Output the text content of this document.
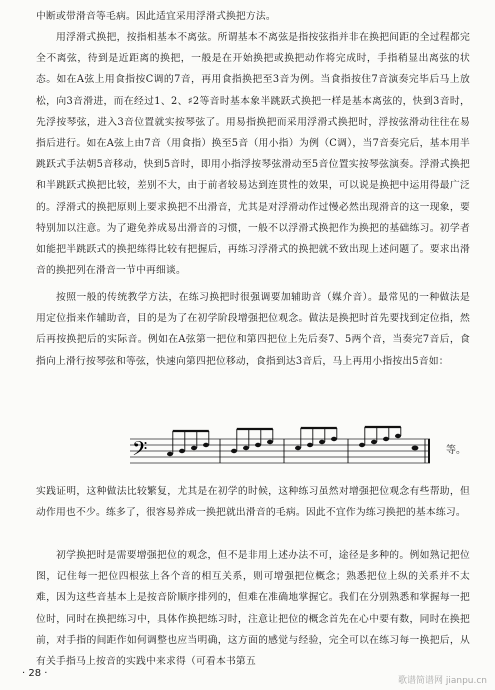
中断或带滑音等毛病。因此适宜采用浮滑式换把方法。

用浮滑式换把，按指相基本不离弦。所谓基本不离弦是指按弦指并非在换把间距的全过程都完全不离弦，待到是近距离的换把，一般是在开始换把或换把动作将完成时，手指稍显出离弦的状态。如在A弦上用食指按C调的7音，再用食指换把至3音为例。当食指按住7音演奏完毕后马上放松，向3音滑进，而在经过1、2、♯2等音时基本象半跳跃式换把一样是基本离弦的，快到3音时，先浮按琴弦，进入3音位置就实按琴弦了。用易指换把而采用浮滑式换把时，浮按弦滑动往往在易指后进行。如在A弦上由7音（用食指）换至5音（用小指）为例（C调），当7音奏完后，基本用半跳跃式手法朝5音移动，快到5音时，即用小指浮按琴弦滑动至5音位置实按琴弦演奏。浮滑式换把和半跳跃式换把比较，差别不大，由于前者较易达到连贯性的效果，可以说是换把中运用得最广泛的。浮滑式的换把原则上要求换把不出滑音，尤其是对浮滑动作过慢必然出现滑音的这一现象，要特别加以注意。为了避免养成易出滑音的习惯，一般不以浮滑式换把作为换把的基础练习。初学者如能把半跳跃式的换把练得比较有把握后，再练习浮滑式的换把就不致出现上述问题了。要求出滑音的换把列在滑音一节中再细谈。

按照一般的传统教学方法，在练习换把时很强调要加辅助音（媒介音）。最常见的一种做法是用定位指来作辅助音，目的是为了在初学阶段增强把位观念。做法是换把时首先要找到定位指，然后再按换把后的实际音。例如在A弦第一把位和第四把位上先后奏7、5两个音，当奏完7音后，食指向上滑行按琴弦和等弦，快速向第四把位移动，食指到达3音后，马上再用小指按出5音如：

𝄢	等。

实践证明，这种做法比较繁复，尤其是在初学的时候，这种练习虽然对增强把位观念有些帮助，但动作用也不少。练多了，很容易养成一换把就出滑音的毛病。因此不宜作为练习换把的基本练习。

初学换把时是需要增强把位的观念，但不是非用上述办法不可，途径是多种的。例如熟记把位图，记住每一把位四根弦上各个音的相互关系，则可增强把位概念；熟悉把位上纵的关系并不太难，因为这些音基本上是按音阶顺序排列的，但难在准确地掌握它。我们在分别熟悉和掌握每一把位时，同时在换把练习中，具体作换把练习时，注意让把位的概念首先在心中要有数，同时在换把前，对手指的间距作如何调整也应当明确，这方面的感觉与经验，完全可以在练习每一换把后，从有关手指马上按音的实践中来求得（可看本书第五

· 28 ·
歌谱简谱网 jianpu.cn
